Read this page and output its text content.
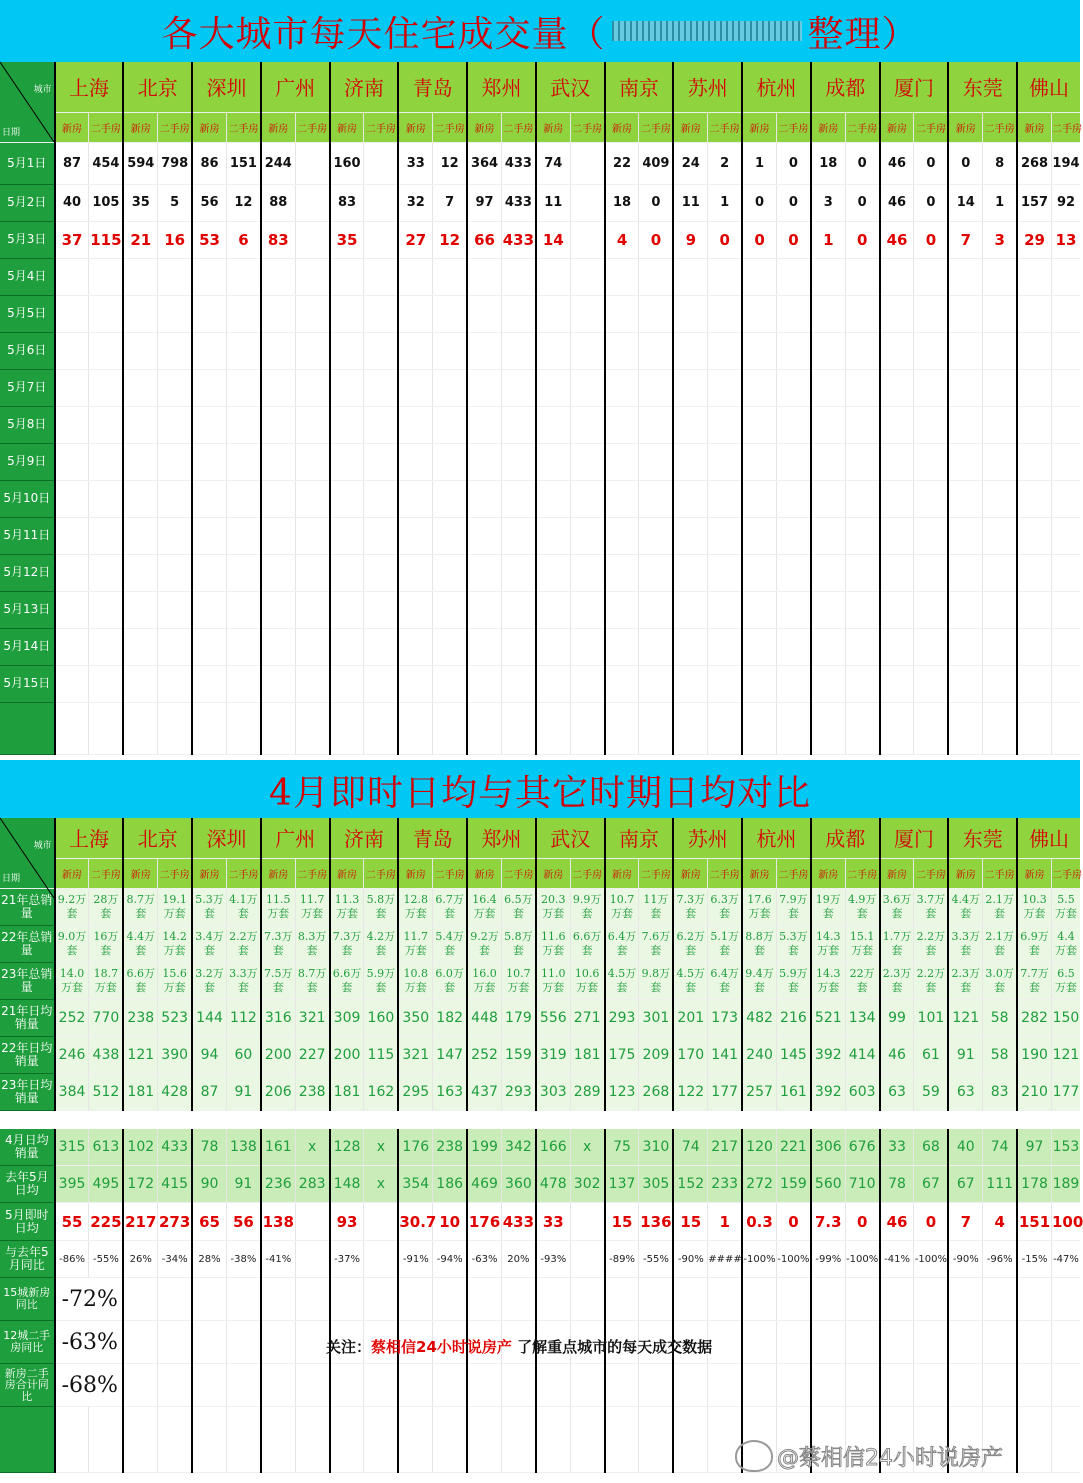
各大城市每天住宅成交量（	整理）
日期
城市	上海		北京		深圳		广州		济南		青岛		郑州		武汉		南京		苏州		杭州		成都		厦门		东莞		佛山	
	新房	二手房	新房	二手房	新房	二手房	新房	二手房	新房	二手房	新房	二手房	新房	二手房	新房	二手房	新房	二手房	新房	二手房	新房	二手房	新房	二手房	新房	二手房	新房	二手房	新房	二手房
5月1日	87	454	594	798	86	151	244		160		33	12	364	433	74		22	409	24	2	1	0	18	0	46	0	0	8	268	194
5月2日	40	105	35	5	56	12	88		83		32	7	97	433	11		18	0	11	1	0	0	3	0	46	0	14	1	157	92
5月3日	37	115	21	16	53	6	83		35		27	12	66	433	14		4	0	9	0	0	0	1	0	46	0	7	3	29	13
5月4日																														
5月5日																														
5月6日																														
5月7日																														
5月8日																														
5月9日																														
5月10日																														
5月11日																														
5月12日																														
5月13日																														
5月14日																														
5月15日																														

4月即时日均与其它时期日均对比
日期
城市	上海		北京		深圳		广州		济南		青岛		郑州		武汉		南京		苏州		杭州		成都		厦门		东莞		佛山	
	新房	二手房	新房	二手房	新房	二手房	新房	二手房	新房	二手房	新房	二手房	新房	二手房	新房	二手房	新房	二手房	新房	二手房	新房	二手房	新房	二手房	新房	二手房	新房	二手房	新房	二手房
21年总销量	9.2万套	28万套	8.7万套	19.1万套	5.3万套	4.1万套	11.5万套	11.7万套	11.3万套	5.8万套	12.8万套	6.7万套	16.4万套	6.5万套	20.3万套	9.9万套	10.7万套	11万套	7.3万套	6.3万套	17.6万套	7.9万套	19万套	4.9万套	3.6万套	3.7万套	4.4万套	2.1万套	10.3万套	5.5万套
22年总销量	9.0万套	16万套	4.4万套	14.2万套	3.4万套	2.2万套	7.3万套	8.3万套	7.3万套	4.2万套	11.7万套	5.4万套	9.2万套	5.8万套	11.6万套	6.6万套	6.4万套	7.6万套	6.2万套	5.1万套	8.8万套	5.3万套	14.3万套	15.1万套	1.7万套	2.2万套	3.3万套	2.1万套	6.9万套	4.4万套
23年总销量	14.0万套	18.7万套	6.6万套	15.6万套	3.2万套	3.3万套	7.5万套	8.7万套	6.6万套	5.9万套	10.8万套	6.0万套	16.0万套	10.7万套	11.0万套	10.6万套	4.5万套	9.8万套	4.5万套	6.4万套	9.4万套	5.9万套	14.3万套	22万套	2.3万套	2.2万套	2.3万套	3.0万套	7.7万套	6.5万套
21年日均销量	252	770	238	523	144	112	316	321	309	160	350	182	448	179	556	271	293	301	201	173	482	216	521	134	99	101	121	58	282	150
22年日均销量	246	438	121	390	94	60	200	227	200	115	321	147	252	159	319	181	175	209	170	141	240	145	392	414	46	61	91	58	190	121
23年日均销量	384	512	181	428	87	91	206	238	181	162	295	163	437	293	303	289	123	268	122	177	257	161	392	603	63	59	63	83	210	177

4月日均销量	315	613	102	433	78	138	161	x	128	x	176	238	199	342	166	x	75	310	74	217	120	221	306	676	33	68	40	74	97	153
去年5月日均	395	495	172	415	90	91	236	283	148	x	354	186	469	360	478	302	137	305	152	233	272	159	560	710	78	67	67	111	178	189
5月即时日均	55	225	217	273	65	56	138		93		30.7	10	176	433	33		15	136	15	1	0.3	0	7.3	0	46	0	7	4	151	100
与去年5月同比	-86%	-55%	26%	-34%	28%	-38%	-41%		-37%		-91%	-94%	-63%	20%	-93%		-89%	-55%	-90%	####	-100%	-100%	-99%	-100%	-41%	-100%	-90%	-96%	-15%	-47%
15城新房同比	-72%																													
12城二手房同比	-63%																													
新房二手房合计同比	-68%																													

关注：蔡相信24小时说房产 了解重点城市的每天成交数据
@蔡相信24小时说房产
